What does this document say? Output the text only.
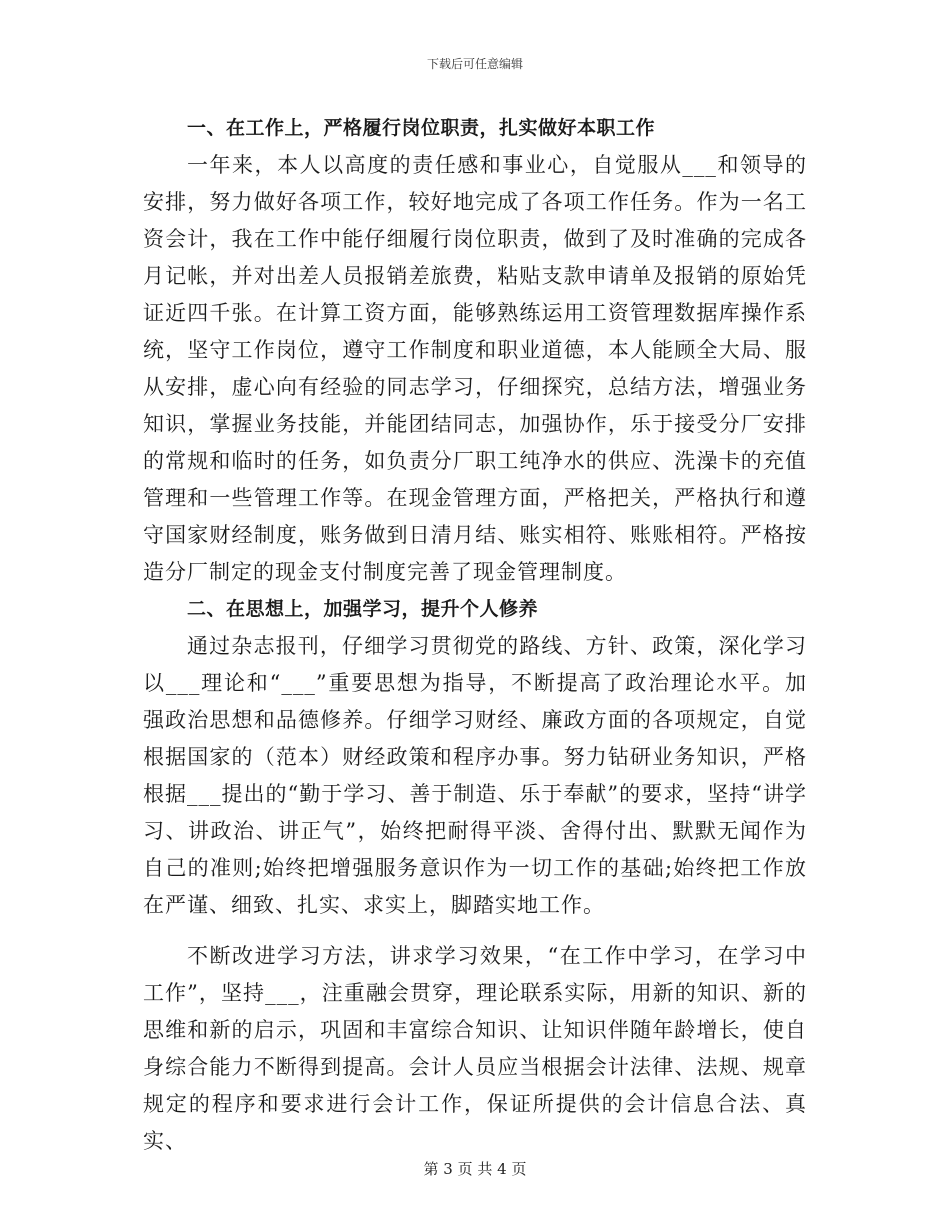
下载后可任意编辑

一、在工作上，严格履行岗位职责，扎实做好本职工作

一年来，本人以高度的责任感和事业心，自觉服从___和领导的安排，努力做好各项工作，较好地完成了各项工作任务。作为一名工资会计，我在工作中能仔细履行岗位职责，做到了及时准确的完成各月记帐，并对出差人员报销差旅费，粘贴支款申请单及报销的原始凭证近四千张。在计算工资方面，能够熟练运用工资管理数据库操作系统，坚守工作岗位，遵守工作制度和职业道德，本人能顾全大局、服从安排，虚心向有经验的同志学习，仔细探究，总结方法，增强业务知识，掌握业务技能，并能团结同志，加强协作，乐于接受分厂安排的常规和临时的任务，如负责分厂职工纯净水的供应、洗澡卡的充值管理和一些管理工作等。在现金管理方面，严格把关，严格执行和遵守国家财经制度，账务做到日清月结、账实相符、账账相符。严格按造分厂制定的现金支付制度完善了现金管理制度。

二、在思想上，加强学习，提升个人修养

通过杂志报刊，仔细学习贯彻党的路线、方针、政策，深化学习以___理论和“___”重要思想为指导，不断提高了政治理论水平。加强政治思想和品德修养。仔细学习财经、廉政方面的各项规定，自觉根据国家的（范本）财经政策和程序办事。努力钻研业务知识，严格根据___提出的“勤于学习、善于制造、乐于奉献”的要求，坚持“讲学习、讲政治、讲正气”，始终把耐得平淡、舍得付出、默默无闻作为自己的准则;始终把增强服务意识作为一切工作的基础;始终把工作放在严谨、细致、扎实、求实上，脚踏实地工作。

不断改进学习方法，讲求学习效果，“在工作中学习，在学习中工作”，坚持___，注重融会贯穿，理论联系实际，用新的知识、新的思维和新的启示，巩固和丰富综合知识、让知识伴随年龄增长，使自身综合能力不断得到提高。会计人员应当根据会计法律、法规、规章规定的程序和要求进行会计工作，保证所提供的会计信息合法、真实、

第 3 页 共 4 页
